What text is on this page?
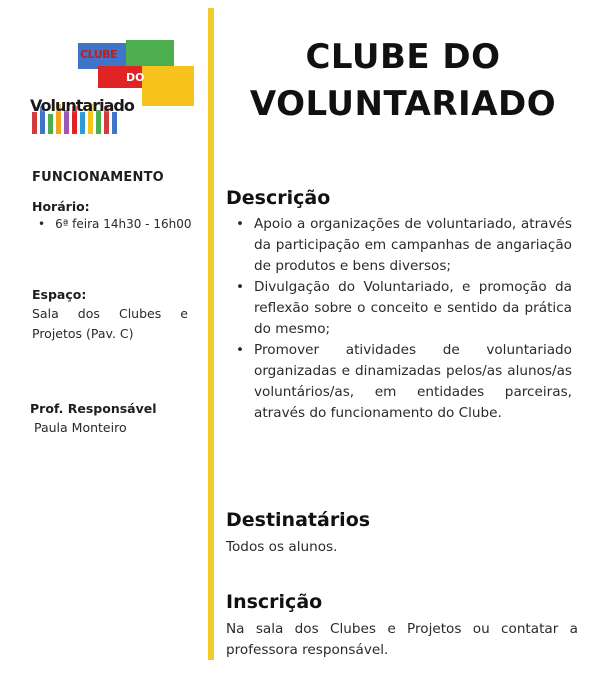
CLUBE
DO
Voluntariado
FUNCIONAMENTO
Horário:
• 6ª feira 14h30 - 16h00
Espaço:
Sala dos Clubes e Projetos (Pav. C)
Prof. Responsável
Paula Monteiro
CLUBE DO VOLUNTARIADO
Descrição
• Apoio a organizações de voluntariado, através da participação em campanhas de angariação de produtos e bens diversos;
• Divulgação do Voluntariado, e promoção da reflexão sobre o conceito e sentido da prática do mesmo;
• Promover atividades de voluntariado organizadas e dinamizadas pelos/as alunos/as voluntários/as, em entidades parceiras, através do funcionamento do Clube.
Destinatários
Todos os alunos.
Inscrição
Na sala dos Clubes e Projetos ou contatar a professora responsável.
